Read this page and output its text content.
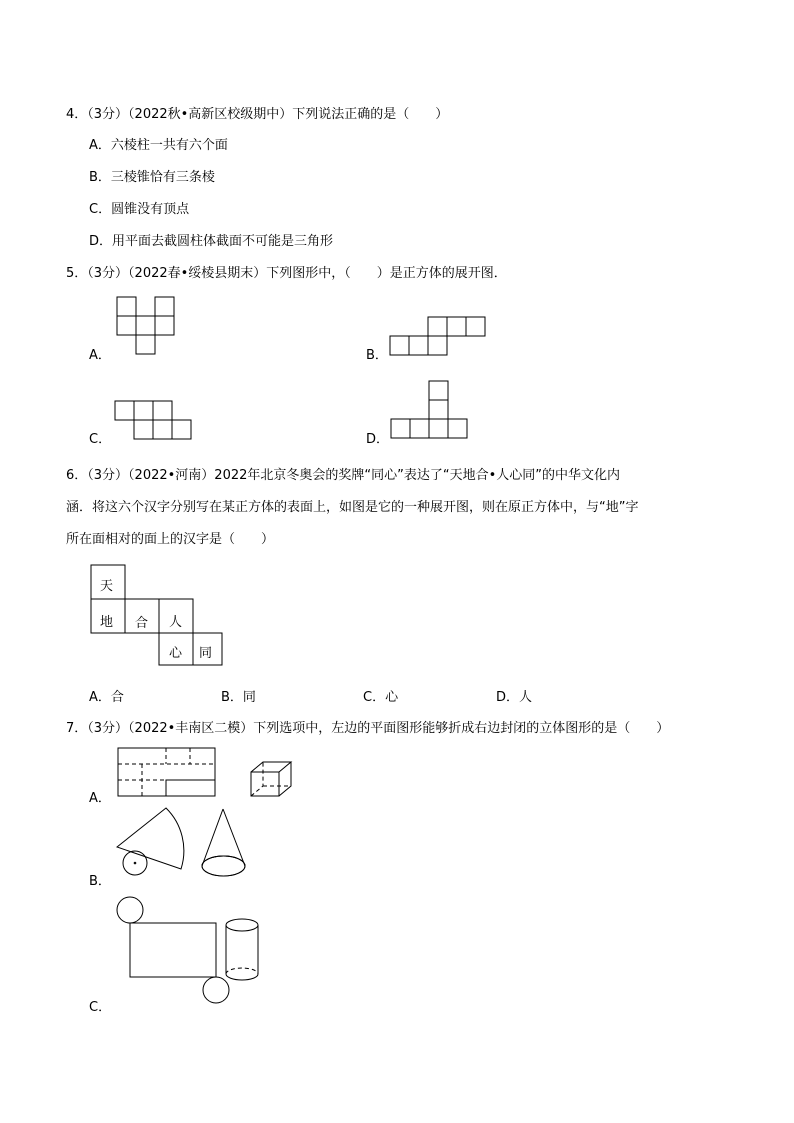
4．（3分）（2022秋•高新区校级期中）下列说法正确的是（　　）
A．六棱柱一共有六个面
B．三棱锥恰有三条棱
C．圆锥没有顶点
D．用平面去截圆柱体截面不可能是三角形
5．（3分）（2022春•绥棱县期末）下列图形中，（　　）是正方体的展开图．
A．	B．
C．	D．
6．（3分）（2022•河南）2022年北京冬奥会的奖牌“同心”表达了“天地合•人心同”的中华文化内
涵．将这六个汉字分别写在某正方体的表面上，如图是它的一种展开图，则在原正方体中，与“地”字
所在面相对的面上的汉字是（　　）
天
地 合 人
心 同
A．合	B．同	C．心	D．人
7．（3分）（2022•丰南区二模）下列选项中，左边的平面图形能够折成右边封闭的立体图形的是（　　）
A．
B．
C．
